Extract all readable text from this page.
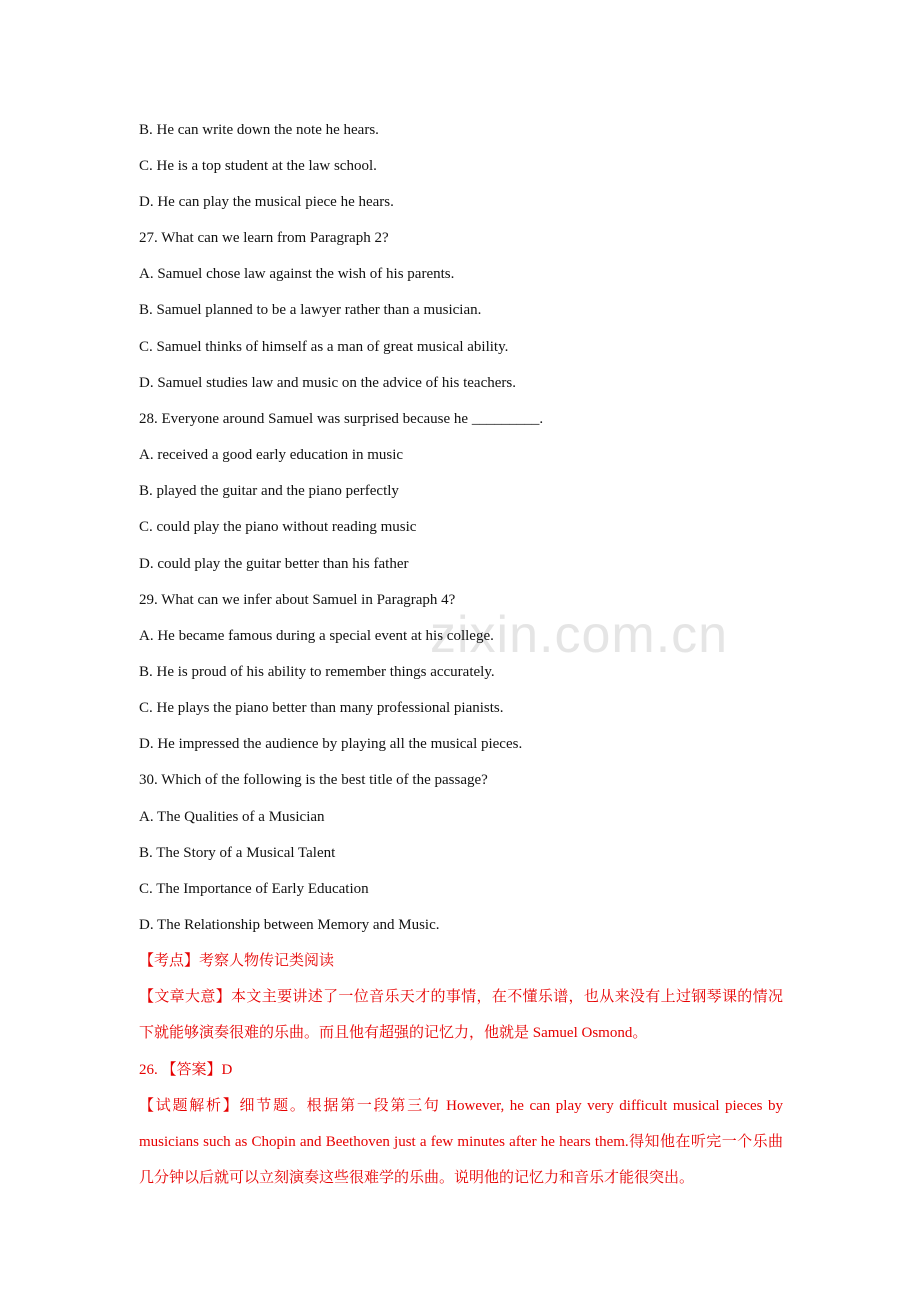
zixin.com.cn
B. He can write down the note he hears.
C. He is a top student at the law school.
D. He can play the musical piece he hears.
27. What can we learn from Paragraph 2?
A. Samuel chose law against the wish of his parents.
B. Samuel planned to be a lawyer rather than a musician.
C. Samuel thinks of himself as a man of great musical ability.
D. Samuel studies law and music on the advice of his teachers.
28. Everyone around Samuel was surprised because he _________.
A. received a good early education in music
B. played the guitar and the piano perfectly
C. could play the piano without reading music
D. could play the guitar better than his father
29. What can we infer about Samuel in Paragraph 4?
A. He became famous during a special event at his college.
B. He is proud of his ability to remember things accurately.
C. He plays the piano better than many professional pianists.
D. He impressed the audience by playing all the musical pieces.
30. Which of the following is the best title of the passage?
A. The Qualities of a Musician
B. The Story of a Musical Talent
C. The Importance of Early Education
D. The Relationship between Memory and Music.
【考点】考察人物传记类阅读
【文章大意】本文主要讲述了一位音乐天才的事情，在不懂乐谱，也从来没有上过钢琴课的情况下就能够演奏很难的乐曲。而且他有超强的记忆力，他就是 Samuel Osmond。
26. 【答案】D
【试题解析】细节题。根据第一段第三句 However, he can play very difficult musical pieces by musicians such as Chopin and Beethoven just a few minutes after he hears them.得知他在听完一个乐曲几分钟以后就可以立刻演奏这些很难学的乐曲。说明他的记忆力和音乐才能很突出。
